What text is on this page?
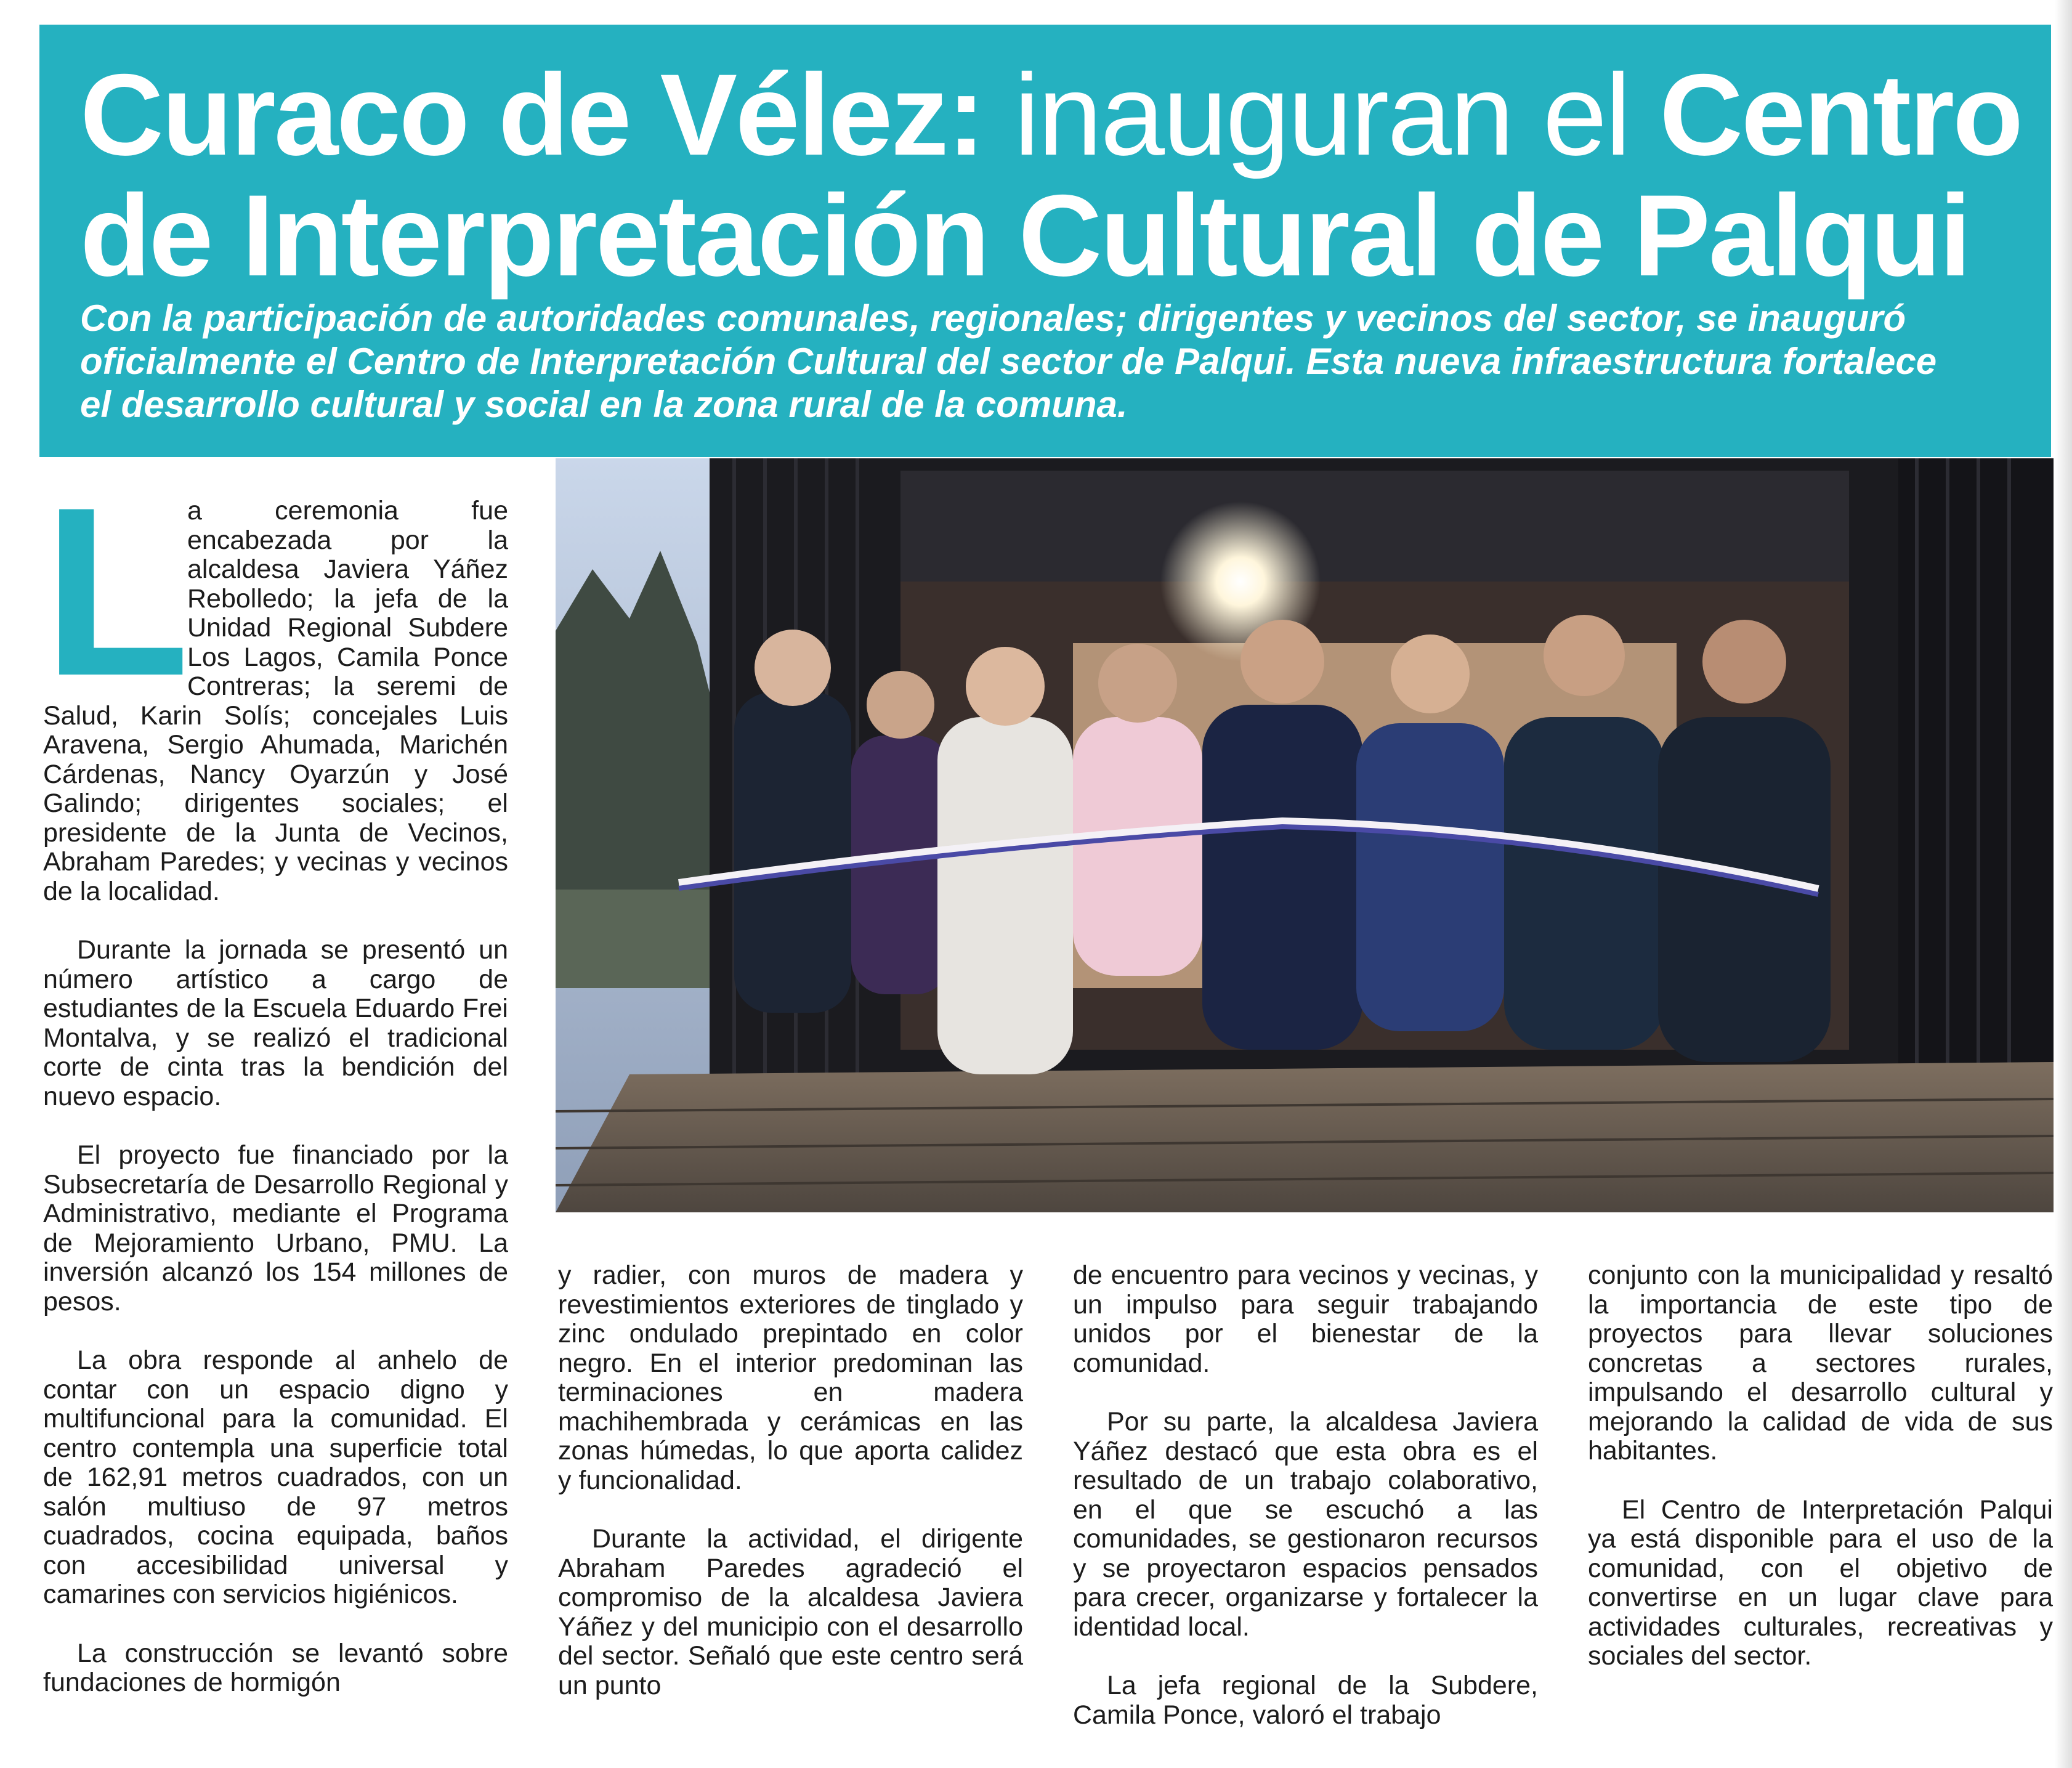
Curaco de Vélez: inauguran el Centro de Interpretación Cultural de Palqui

Con la participación de autoridades comunales, regionales; dirigentes y vecinos del sector, se inauguró oficialmente el Centro de Interpretación Cultural del sector de Palqui. Esta nueva infraestructura fortalece el desarrollo cultural y social en la zona rural de la comuna.

L

a ceremonia fue encabezada por la alcaldesa Javiera Yáñez Rebolledo; la jefa de la Unidad Regional Subdere Los Lagos, Camila Ponce Contreras; la seremi de Salud, Karin Solís; concejales Luis Aravena, Sergio Ahumada, Marichén Cárdenas, Nancy Oyarzún y José Galindo; dirigentes sociales; el presidente de la Junta de Vecinos, Abraham Paredes; y vecinas y vecinos de la localidad.

Durante la jornada se presentó un número artístico a cargo de estudiantes de la Escuela Eduardo Frei Montalva, y se realizó el tradicional corte de cinta tras la bendición del nuevo espacio.

El proyecto fue financiado por la Subsecretaría de Desarrollo Regional y Administrativo, mediante el Programa de Mejoramiento Urbano, PMU. La inversión alcanzó los 154 millones de pesos.

La obra responde al anhelo de contar con un espacio digno y multifuncional para la comunidad. El centro contempla una superficie total de 162,91 metros cuadrados, con un salón multiuso de 97 metros cuadrados, cocina equipada, baños con accesibilidad universal y camarines con servicios higiénicos.

La construcción se levantó sobre fundaciones de hormigón

y radier, con muros de madera y revestimientos exteriores de tinglado y zinc ondulado prepintado en color negro. En el interior predominan las terminaciones en madera machihembrada y cerámicas en las zonas húmedas, lo que aporta calidez y funcionalidad.

Durante la actividad, el dirigente Abraham Paredes agradeció el compromiso de la alcaldesa Javiera Yáñez y del municipio con el desarrollo del sector. Señaló que este centro será un punto

de encuentro para vecinos y vecinas, y un impulso para seguir trabajando unidos por el bienestar de la comunidad.

Por su parte, la alcaldesa Javiera Yáñez destacó que esta obra es el resultado de un trabajo colaborativo, en el que se escuchó a las comunidades, se gestionaron recursos y se proyectaron espacios pensados para crecer, organizarse y fortalecer la identidad local.

La jefa regional de la Subdere, Camila Ponce, valoró el trabajo

conjunto con la municipalidad y resaltó la importancia de este tipo de proyectos para llevar soluciones concretas a sectores rurales, impulsando el desarrollo cultural y mejorando la calidad de vida de sus habitantes.

El Centro de Interpretación Palqui ya está disponible para el uso de la comunidad, con el objetivo de convertirse en un lugar clave para actividades culturales, recreativas y sociales del sector.
